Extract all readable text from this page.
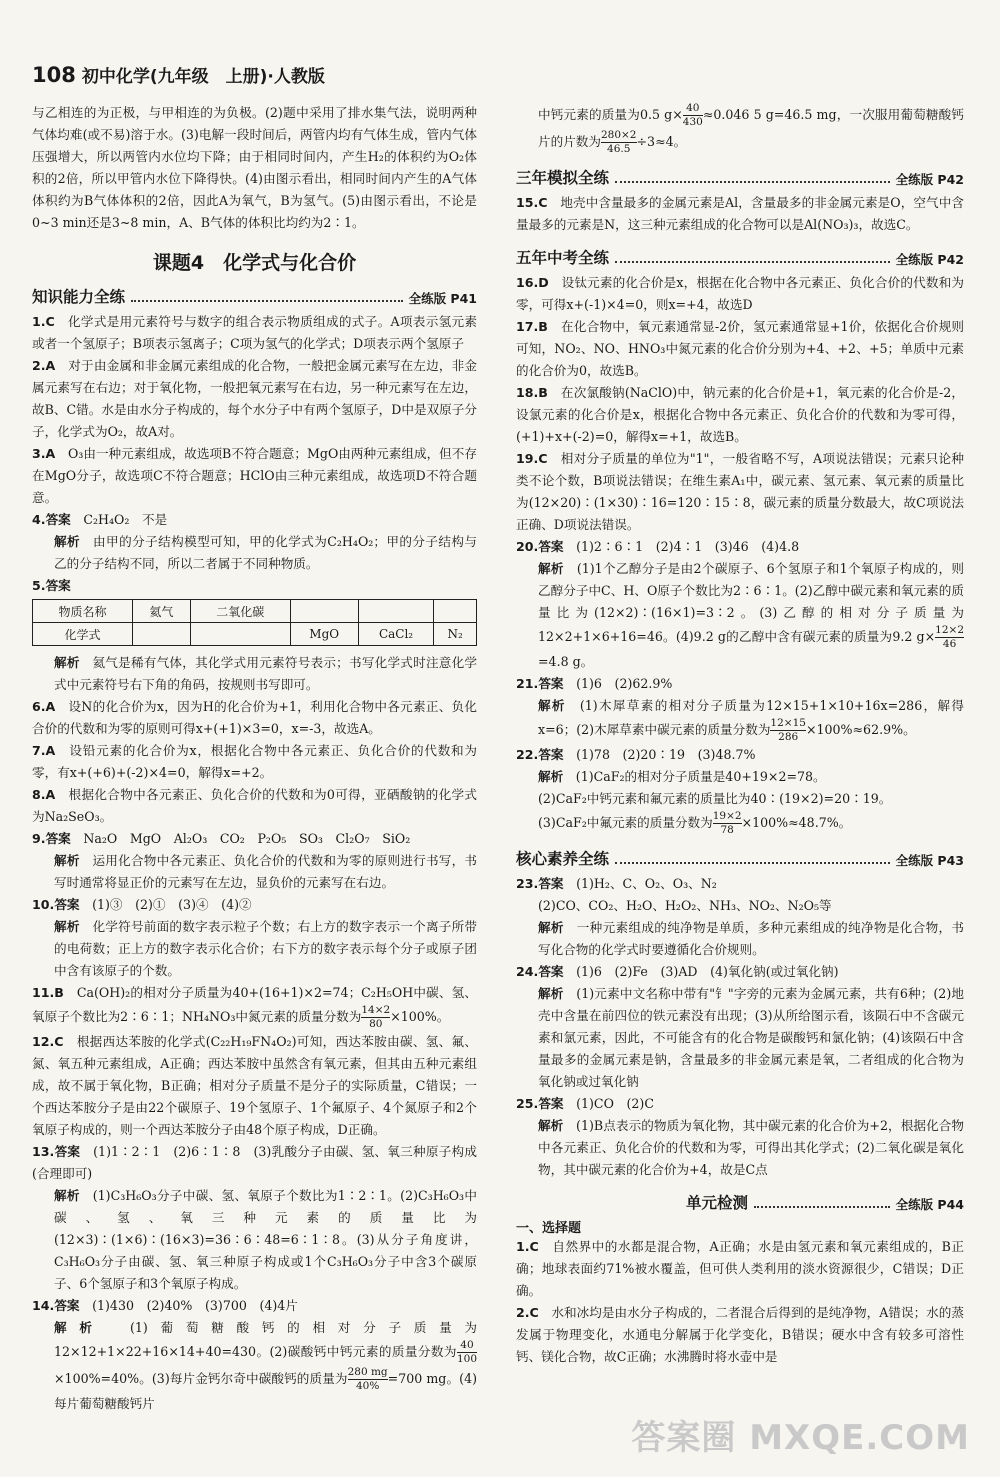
108 初中化学(九年级　上册)·人教版

与乙相连的为正极，与甲相连的为负极。(2)题中采用了排水集气法，说明两种气体均难(或不易)溶于水。(3)电解一段时间后，两管内均有气体生成，管内气体压强增大，所以两管内水位均下降；由于相同时间内，产生H₂的体积约为O₂体积的2倍，所以甲管内水位下降得快。(4)由图示看出，相同时间内产生的A气体体积约为B气体体积的2倍，因此A为氧气，B为氢气。(5)由图示看出，不论是0~3 min还是3~8 min，A、B气体的体积比均约为2∶1。

课题4　化学式与化合价
知识能力全练	全练版 P41

1.C　 化学式是用元素符号与数字的组合表示物质组成的式子。A项表示氢元素或者一个氢原子；B项表示氢离子；C项为氢气的化学式；D项表示两个氢原子

2.A　 对于由金属和非金属元素组成的化合物，一般把金属元素写在左边，非金属元素写在右边；对于氧化物，一般把氧元素写在右边，另一种元素写在左边，故B、C错。水是由水分子构成的，每个水分子中有两个氢原子，D中是双原子分子，化学式为O₂，故A对。

3.A　 O₃由一种元素组成，故选项B不符合题意；MgO由两种元素组成，但不存在MgO分子，故选项C不符合题意；HClO由三种元素组成，故选项D不符合题意。

4.答案　 C₂H₄O₂　不是

解析　 由甲的分子结构模型可知，甲的化学式为C₂H₄O₂；甲的分子结构与乙的分子结构不同，所以二者属于不同种物质。

5.答案

物质名称	氦气	二氧化碳			
化学式			MgO	CaCl₂	N₂

解析　 氦气是稀有气体，其化学式用元素符号表示；书写化学式时注意化学式中元素符号右下角的角码，按规则书写即可。

6.A　 设N的化合价为x，因为H的化合价为+1，利用化合物中各元素正、负化合价的代数和为零的原则可得x+(+1)×3=0，x=-3，故选A。

7.A　 设铅元素的化合价为x，根据化合物中各元素正、负化合价的代数和为零，有x+(+6)+(-2)×4=0，解得x=+2。

8.A　 根据化合物中各元素正、负化合价的代数和为0可得，亚硒酸钠的化学式为Na₂SeO₃。

9.答案　 Na₂O　MgO　Al₂O₃　CO₂　P₂O₅　SO₃　Cl₂O₇　SiO₂

解析　 运用化合物中各元素正、负化合价的代数和为零的原则进行书写，书写时通常将显正价的元素写在左边，显负价的元素写在右边。

10.答案　 (1)③　(2)①　(3)④　(4)②

解析　 化学符号前面的数字表示粒子个数；右上方的数字表示一个离子所带的电荷数；正上方的数字表示化合价；右下方的数字表示每个分子或原子团中含有该原子的个数。

11.B　 Ca(OH)₂的相对分子质量为40+(16+1)×2=74；C₂H₅OH中碳、氢、氧原子个数比为2∶6∶1；NH₄NO₃中氮元素的质量分数为 $\frac{14\times 2}{80} \times 100\%$。

12.C　 根据西达苯胺的化学式(C₂₂H₁₉FN₄O₂)可知，西达苯胺由碳、氢、氟、氮、氧五种元素组成，A正确；西达苯胺中虽然含有氧元素，但其由五种元素组成，故不属于氧化物，B正确；相对分子质量不是分子的实际质量，C错误；一个西达苯胺分子是由22个碳原子、19个氢原子、1个氟原子、4个氮原子和2个氧原子构成的，则一个西达苯胺分子由48个原子构成，D正确。

13.答案　 (1)1∶2∶1　(2)6∶1∶8　(3)乳酸分子由碳、氢、氧三种原子构成(合理即可)

解析　 (1)C₃H₆O₃分子中碳、氢、氧原子个数比为1∶2∶1。(2)C₃H₆O₃中碳、氢、氧三种元素的质量比为(12×3)∶(1×6)∶(16×3)=36∶6∶48=6∶1∶8。(3)从分子角度讲，C₃H₆O₃分子由碳、氢、氧三种原子构成或1个C₃H₆O₃分子中含3个碳原子、6个氢原子和3个氧原子构成。

14.答案　 (1)430　(2)40%　(3)700　(4)4片

解析　 (1)葡萄糖酸钙的相对分子质量为12×12+1×22+16×14+40=430。(2)碳酸钙中钙元素的质量分数为 $\frac{40}{100}$
×100%=40%。(3)每片金钙尔奇中碳酸钙的质量为 $\frac{280 mg}{40\%} =700$ mg。(4)每片葡萄糖酸钙片

中钙元素的质量为0.5 $g\times \frac{40}{430} \approx 0.046$ 5 g=46.5 mg，一次服用葡萄糖酸钙片的片数为 $\frac{280\times 2}{46.5} \div 3\approx 4$。

三年模拟全练	全练版 P42

15.C　 地壳中含量最多的金属元素是Al，含量最多的非金属元素是O，空气中含量最多的元素是N，这三种元素组成的化合物可以是Al(NO₃)₃，故选C。

五年中考全练	全练版 P42

16.D　 设钛元素的化合价是x，根据在化合物中各元素正、负化合价的代数和为零，可得x+(-1)×4=0，则x=+4，故选D

17.B　 在化合物中，氧元素通常显-2价，氢元素通常显+1价，依据化合价规则可知，NO₂、NO、HNO₃中氮元素的化合价分别为+4、+2、+5；单质中元素的化合价为0，故选B。

18.B　 在次氯酸钠(NaClO)中，钠元素的化合价是+1，氧元素的化合价是-2，设氯元素的化合价是x，根据化合物中各元素正、负化合价的代数和为零可得，(+1)+x+(-2)=0，解得x=+1，故选B。

19.C　 相对分子质量的单位为"1"，一般省略不写，A项说法错误；元素只论种类不论个数，B项说法错误；在维生素A₁中，碳元素、氢元素、氧元素的质量比为(12×20)∶(1×30)∶16=120∶15∶8，碳元素的质量分数最大，故C项说法正确、D项说法错误。

20.答案　 (1)2∶6∶1　(2)4∶1　(3)46　(4)4.8

解析　 (1)1个乙醇分子是由2个碳原子、6个氢原子和1个氧原子构成的，则乙醇分子中C、H、O原子个数比为2∶6∶1。(2)乙醇中碳元素和氧元素的质量比为(12×2)∶(16×1)=3∶2。(3)乙醇的相对分子质量为12×2+1×6+16=46。(4)9.2 g的乙醇中含有碳元素的质量为9.2 $g\times \frac{12\times 2}{46}$
=4.8 g。

21.答案　 (1)6　(2)62.9%

解析　 (1)木犀草素的相对分子质量为12×15+1×10+16x=286，解得x=6；(2)木犀草素中碳元素的质量分数为 $\frac{12\times 15}{286} \times 100\%\approx 62.9\%$。

22.答案　 (1)78　(2)20∶19　(3)48.7%

解析　 (1)CaF₂的相对分子质量是40+19×2=78。

(2)CaF₂中钙元素和氟元素的质量比为40∶(19×2)=20∶19。

(3)CaF₂中氟元素的质量分数为 $\frac{19\times 2}{78} \times 100\%\approx 48.7\%$。

核心素养全练	全练版 P43

23.答案　 (1)H₂、C、O₂、O₃、N₂

(2)CO、CO₂、H₂O、H₂O₂、NH₃、NO₂、N₂O₅等

解析　 一种元素组成的纯净物是单质，多种元素组成的纯净物是化合物，书写化合物的化学式时要遵循化合价规则。

24.答案　 (1)6　(2)Fe　(3)AD　(4)氧化钠(或过氧化钠)

解析　 (1)元素中文名称中带有"钅"字旁的元素为金属元素，共有6种；(2)地壳中含量在前四位的铁元素没有出现；(3)从所给图示看，该陨石中不含碳元素和氯元素，因此，不可能含有的化合物是碳酸钙和氯化钠；(4)该陨石中含量最多的金属元素是钠，含量最多的非金属元素是氧，二者组成的化合物为氧化钠或过氧化钠

25.答案　 (1)CO　(2)C

解析　 (1)B点表示的物质为氧化物，其中碳元素的化合价为+2，根据化合物中各元素正、负化合价的代数和为零，可得出其化学式；(2)二氧化碳是氧化物，其中碳元素的化合价为+4，故是C点

单元检测	全练版 P44
一、选择题

1.C　 自然界中的水都是混合物，A正确；水是由氢元素和氧元素组成的，B正确；地球表面约71%被水覆盖，但可供人类利用的淡水资源很少，C错误；D正确。

2.C　 水和冰均是由水分子构成的，二者混合后得到的是纯净物，A错误；水的蒸发属于物理变化，水通电分解属于化学变化，B错误；硬水中含有较多可溶性钙、镁化合物，故C正确；水沸腾时将水壶中是

答案圈 MXQE.COM
